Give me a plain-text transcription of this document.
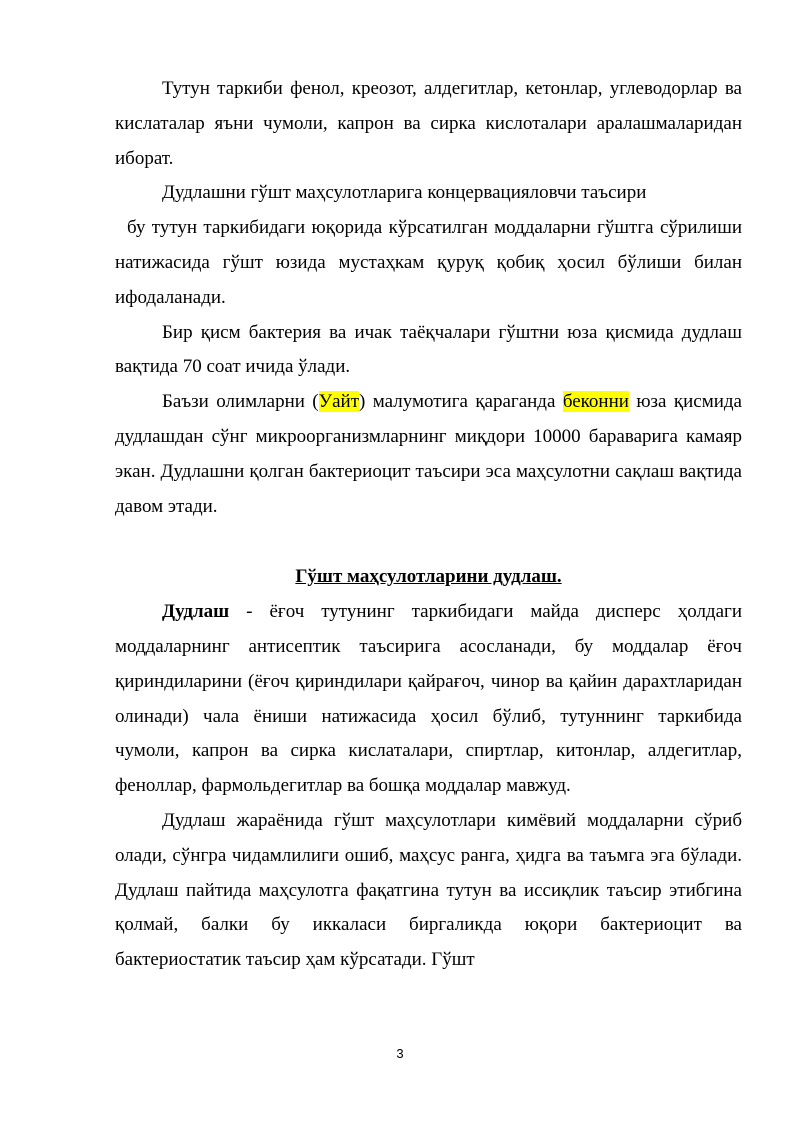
Тутун таркиби фенол, креозот, алдегитлар, кетонлар, углеводорлар ва кислаталар яъни чумоли, капрон ва сирка кислоталари аралашмаларидан иборат.

Дудлашни гўшт маҳсулотларига концервацияловчи таъсири

бу тутун таркибидаги юқорида кўрсатилган моддаларни гўштга сўрилиши натижасида гўшт юзида мустаҳкам қуруқ қобиқ ҳосил бўлиши билан ифодаланади.

Бир қисм бактерия ва ичак таёқчалари гўштни юза қисмида дудлаш вақтида 70 соат ичида ўлади.

Баъзи олимларни (Уайт) малумотига қараганда беконни юза қисмида дудлашдан сўнг микроорганизмларнинг миқдори 10000 бараварига камаяр экан. Дудлашни қолган бактериоцит таъсири эса маҳсулотни сақлаш вақтида давом этади.

Гўшт маҳсулотларини дудлаш.

Дудлаш - ёғоч тутунинг таркибидаги майда дисперс ҳолдаги моддаларнинг антисептик таъсирига асосланади, бу моддалар ёғоч қириндиларини (ёғоч қириндилари қайрағоч, чинор ва қайин дарахтларидан олинади) чала ёниши натижасида ҳосил бўлиб, тутуннинг таркибида чумоли, капрон ва сирка кислаталари, спиртлар, китонлар, алдегитлар, феноллар, фармольдегитлар ва бошқа моддалар мавжуд.

Дудлаш жараёнида гўшт маҳсулотлари кимёвий моддаларни сўриб олади, сўнгра чидамлилиги ошиб, маҳсус ранга, ҳидга ва таъмга эга бўлади. Дудлаш пайтида маҳсулотга фақатгина тутун ва иссиқлик таъсир этибгина қолмай, балки бу иккаласи биргаликда юқори бактериоцит ва бактериостатик таъсир ҳам кўрсатади. Гўшт

3
